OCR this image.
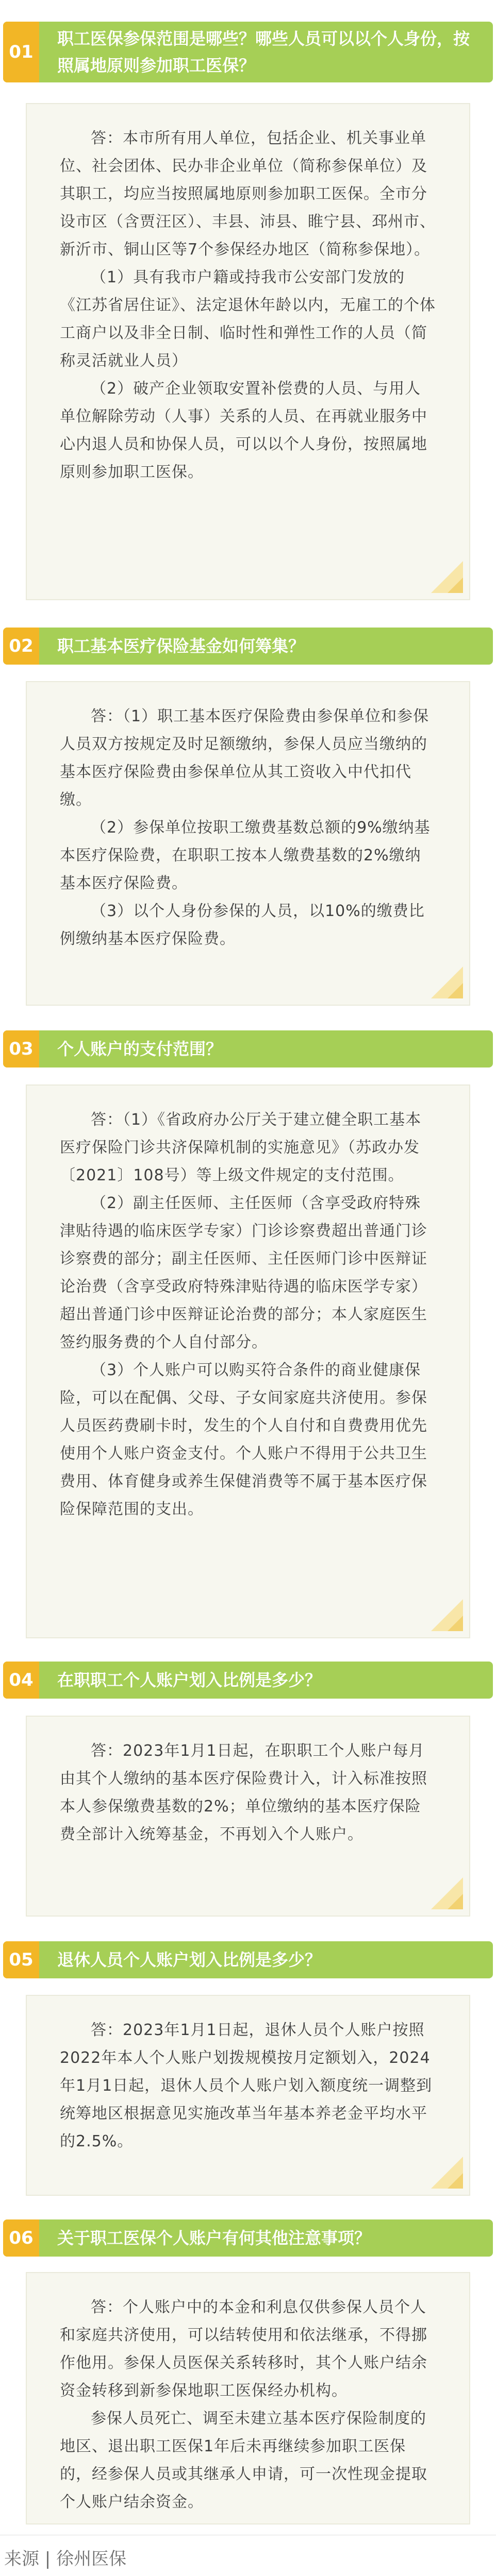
01
职工医保参保范围是哪些？哪些人员可以以个人身份，按照属地原则参加职工医保？

答：本市所有用人单位，包括企业、机关事业单位、社会团体、民办非企业单位（简称参保单位）及其职工，均应当按照属地原则参加职工医保。全市分设市区（含贾汪区）、丰县、沛县、睢宁县、邳州市、新沂市、铜山区等7个参保经办地区（简称参保地）。

（1）具有我市户籍或持我市公安部门发放的《江苏省居住证》、法定退休年龄以内，无雇工的个体工商户以及非全日制、临时性和弹性工作的人员（简称灵活就业人员）

（2）破产企业领取安置补偿费的人员、与用人单位解除劳动（人事）关系的人员、在再就业服务中心内退人员和协保人员，可以以个人身份，按照属地原则参加职工医保。

02	职工基本医疗保险基金如何筹集？

答：（1）职工基本医疗保险费由参保单位和参保人员双方按规定及时足额缴纳，参保人员应当缴纳的基本医疗保险费由参保单位从其工资收入中代扣代缴。

（2）参保单位按职工缴费基数总额的9%缴纳基本医疗保险费，在职职工按本人缴费基数的2%缴纳基本医疗保险费。

（3）以个人身份参保的人员，以10%的缴费比例缴纳基本医疗保险费。

03	个人账户的支付范围？

答：（1）《省政府办公厅关于建立健全职工基本医疗保险门诊共济保障机制的实施意见》（苏政办发〔2021〕108号）等上级文件规定的支付范围。

（2）副主任医师、主任医师（含享受政府特殊津贴待遇的临床医学专家）门诊诊察费超出普通门诊诊察费的部分；副主任医师、主任医师门诊中医辩证论治费（含享受政府特殊津贴待遇的临床医学专家）超出普通门诊中医辩证论治费的部分；本人家庭医生签约服务费的个人自付部分。

（3）个人账户可以购买符合条件的商业健康保险，可以在配偶、父母、子女间家庭共济使用。参保人员医药费刷卡时，发生的个人自付和自费费用优先使用个人账户资金支付。个人账户不得用于公共卫生费用、体育健身或养生保健消费等不属于基本医疗保险保障范围的支出。

04	在职职工个人账户划入比例是多少？

答：2023年1月1日起，在职职工个人账户每月由其个人缴纳的基本医疗保险费计入，计入标准按照本人参保缴费基数的2%；单位缴纳的基本医疗保险费全部计入统筹基金，不再划入个人账户。

05	退休人员个人账户划入比例是多少？

答：2023年1月1日起，退休人员个人账户按照2022年本人个人账户划拨规模按月定额划入，2024年1月1日起，退休人员个人账户划入额度统一调整到统筹地区根据意见实施改革当年基本养老金平均水平的2.5%。

06	关于职工医保个人账户有何其他注意事项？

答：个人账户中的本金和利息仅供参保人员个人和家庭共济使用，可以结转使用和依法继承，不得挪作他用。参保人员医保关系转移时，其个人账户结余资金转移到新参保地职工医保经办机构。

参保人员死亡、调至未建立基本医疗保险制度的地区、退出职工医保1年后未再继续参加职工医保的，经参保人员或其继承人申请，可一次性现金提取个人账户结余资金。

来源 | 徐州医保
